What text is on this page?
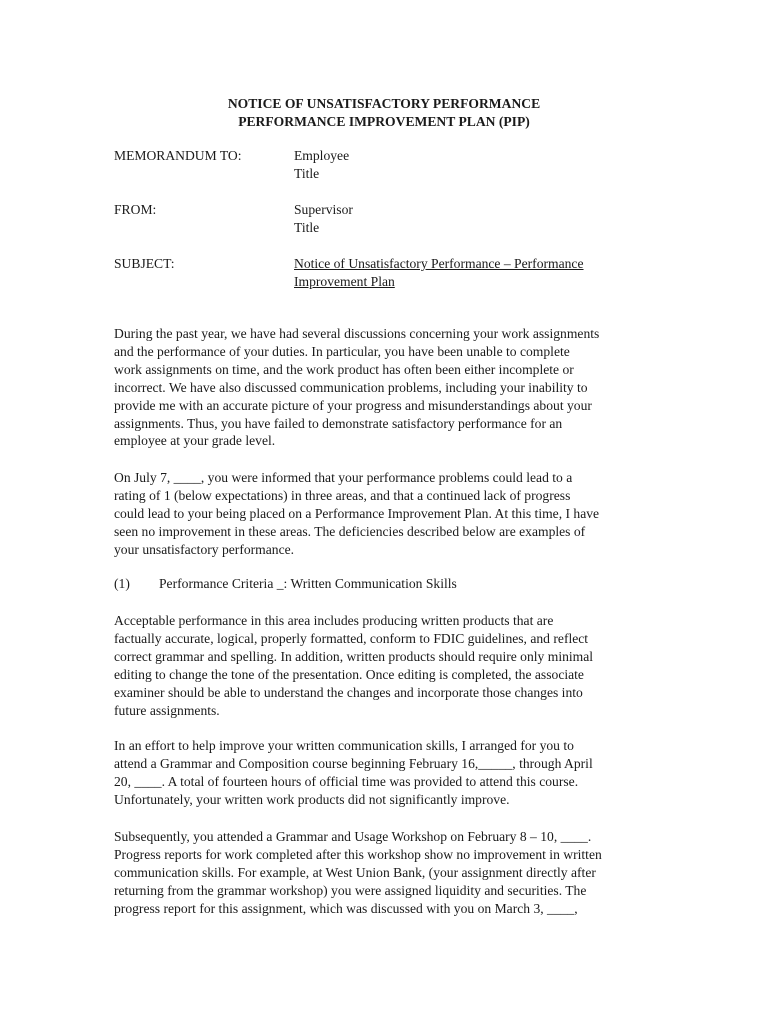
NOTICE OF UNSATISFACTORY PERFORMANCE
PERFORMANCE IMPROVEMENT PLAN (PIP)
MEMORANDUM TO:	Employee
Title
FROM:	Supervisor
Title
SUBJECT:	Notice of Unsatisfactory Performance – Performance
Improvement Plan
During the past year, we have had several discussions concerning your work assignments
and the performance of your duties. In particular, you have been unable to complete
work assignments on time, and the work product has often been either incomplete or
incorrect. We have also discussed communication problems, including your inability to
provide me with an accurate picture of your progress and misunderstandings about your
assignments. Thus, you have failed to demonstrate satisfactory performance for an
employee at your grade level.
On July 7, ____, you were informed that your performance problems could lead to a
rating of 1 (below expectations) in three areas, and that a continued lack of progress
could lead to your being placed on a Performance Improvement Plan. At this time, I have
seen no improvement in these areas. The deficiencies described below are examples of
your unsatisfactory performance.
(1) Performance Criteria _: Written Communication Skills
Acceptable performance in this area includes producing written products that are
factually accurate, logical, properly formatted, conform to FDIC guidelines, and reflect
correct grammar and spelling. In addition, written products should require only minimal
editing to change the tone of the presentation. Once editing is completed, the associate
examiner should be able to understand the changes and incorporate those changes into
future assignments.
In an effort to help improve your written communication skills, I arranged for you to
attend a Grammar and Composition course beginning February 16,_____, through April
20, ____. A total of fourteen hours of official time was provided to attend this course.
Unfortunately, your written work products did not significantly improve.
Subsequently, you attended a Grammar and Usage Workshop on February 8 – 10, ____.
Progress reports for work completed after this workshop show no improvement in written
communication skills. For example, at West Union Bank, (your assignment directly after
returning from the grammar workshop) you were assigned liquidity and securities. The
progress report for this assignment, which was discussed with you on March 3, ____,
